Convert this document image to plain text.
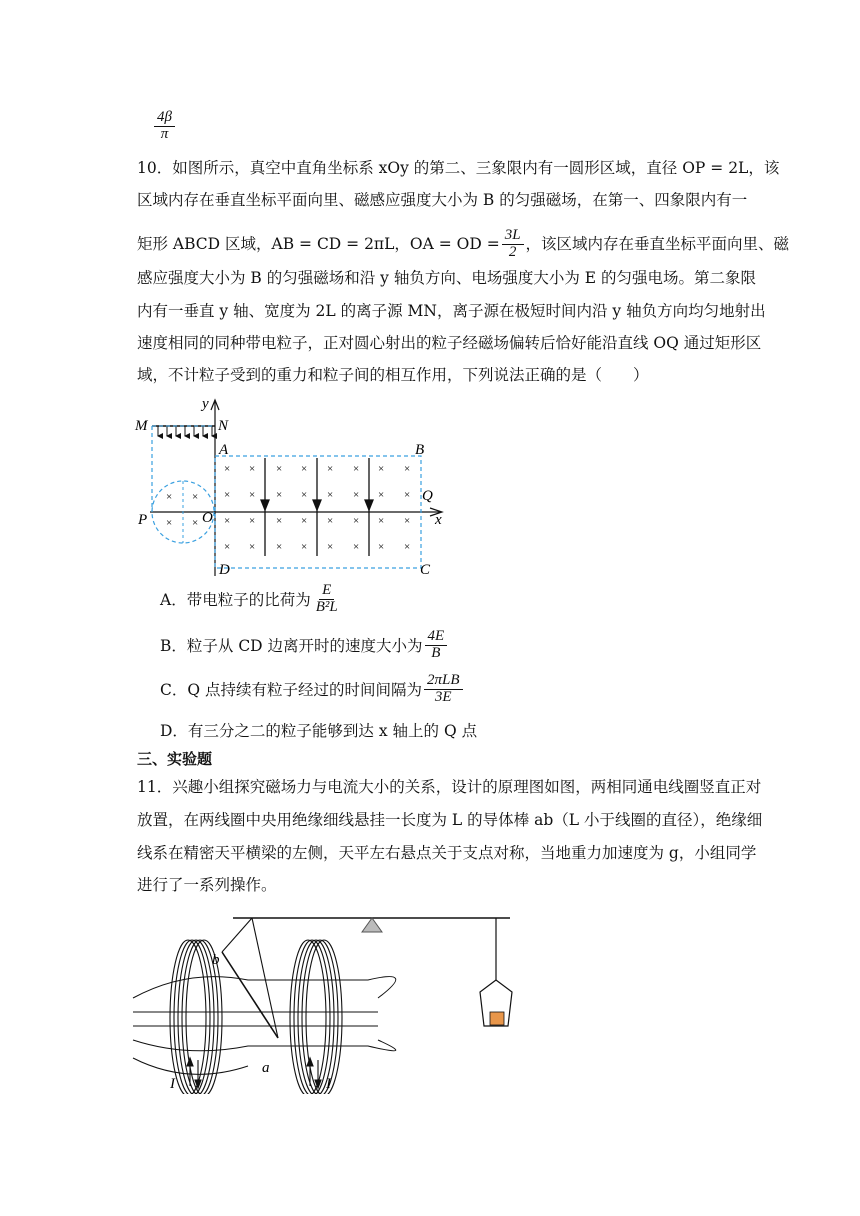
$\frac{4\beta}{\pi}$
10．如图所示，真空中直角坐标系 xOy 的第二、三象限内有一圆形区域，直径 OP = 2L，该
区域内存在垂直坐标平面向里、磁感应强度大小为 B 的匀强磁场，在第一、四象限内有一
矩形 ABCD 区域，AB = CD = 2πL，OA = OD = $\frac{3L}{2}$ ，该区域内存在垂直坐标平面向里、磁
感应强度大小为 B 的匀强磁场和沿 y 轴负方向、电场强度大小为 E 的匀强电场。第二象限
内有一垂直 y 轴、宽度为 2L 的离子源 MN，离子源在极短时间内沿 y 轴负方向均匀地射出
速度相同的同种带电粒子，正对圆心射出的粒子经磁场偏转后恰好能沿直线 OQ 通过矩形区
域，不计粒子受到的重力和粒子间的相互作用，下列说法正确的是（　　）
y
x
M	N
× ×
× ×
P	O
A	B
C
D
Q
× × × × × × × ×
× × × × × × × ×
× × × × × × × ×
× × × × × × × ×
A．带电粒子的比荷为 $\frac{E}{\text{B²L}}$
B．粒子从 CD 边离开时的速度大小为 $\frac{4E}{B}$
C．Q 点持续有粒子经过的时间间隔为 $\frac{\text{2πLB}}{3E}$
D．有三分之二的粒子能够到达 x 轴上的 Q 点
三、实验题
11．兴趣小组探究磁场力与电流大小的关系，设计的原理图如图，两相同通电线圈竖直正对
放置，在两线圈中央用绝缘细线悬挂一长度为 L 的导体棒 ab（L 小于线圈的直径），绝缘细
线系在精密天平横梁的左侧，天平左右悬点关于支点对称，当地重力加速度为 g，小组同学
进行了一系列操作。
b
a
I	I
